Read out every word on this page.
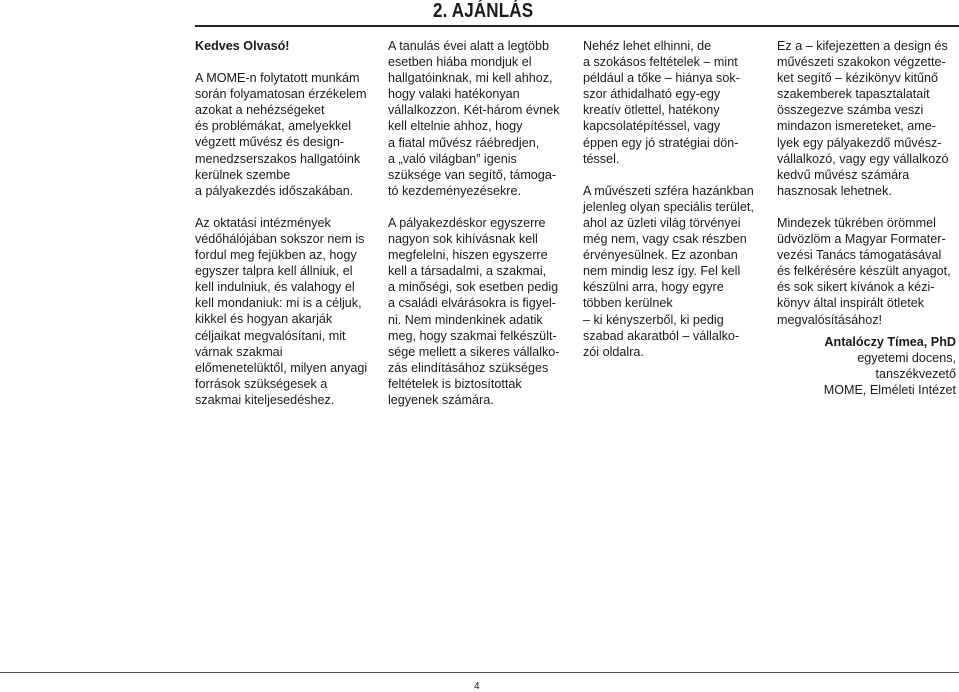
2. AJÁNLÁS

Kedves Olvasó!

A MOME-n folytatott munkám
során folyamatosan érzékelem
azokat a nehézségeket
és problémákat, amelyekkel
végzett művész és design-
menedzserszakos hallgatóink
kerülnek szembe
a pályakezdés időszakában.

Az oktatási intézmények
védőhálójában sokszor nem is
fordul meg fejükben az, hogy
egyszer talpra kell állniuk, el
kell indulniuk, és valahogy el
kell mondaniuk: mi is a céljuk,
kikkel és hogyan akarják
céljaikat megvalósítani, mit
várnak szakmai
előmenetelüktől, milyen anyagi
források szükségesek a
szakmai kiteljesedéshez.

A tanulás évei alatt a legtöbb
esetben hiába mondjuk el
hallgatóinknak, mi kell ahhoz,
hogy valaki hatékonyan
vállalkozzon. Két-három évnek
kell eltelnie ahhoz, hogy
a fiatal művész ráébredjen,
a „való világban” igenis
szüksége van segítő, támoga-
tó kezdeményezésekre.

A pályakezdéskor egyszerre
nagyon sok kihívásnak kell
megfelelni, hiszen egyszerre
kell a társadalmi, a szakmai,
a minőségi, sok esetben pedig
a családi elvárásokra is figyel-
ni. Nem mindenkinek adatik
meg, hogy szakmai felkészült-
sége mellett a sikeres vállalko-
zás elindításához szükséges
feltételek is biztosítottak
legyenek számára.

Nehéz lehet elhinni, de
a szokásos feltételek – mint
például a tőke – hiánya sok-
szor áthidalható egy-egy
kreatív ötlettel, hatékony
kapcsolatépítéssel, vagy
éppen egy jó stratégiai dön-
téssel.

A művészeti szféra hazánkban
jelenleg olyan speciális terület,
ahol az üzleti világ törvényei
még nem, vagy csak részben
érvényesülnek. Ez azonban
nem mindig lesz így. Fel kell
készülni arra, hogy egyre
többen kerülnek
– ki kényszerből, ki pedig
szabad akaratból – vállalko-
zói oldalra.

Ez a – kifejezetten a design és
művészeti szakokon végzette-
ket segítő – kézikönyv kitűnő
szakemberek tapasztalatait
összegezve számba veszi
mindazon ismereteket, ame-
lyek egy pályakezdő művész-
vállalkozó, vagy egy vállalkozó
kedvű művész számára
hasznosak lehetnek.

Mindezek tükrében örömmel
üdvözlöm a Magyar Formater-
vezési Tanács támogatásával
és felkérésére készült anyagot,
és sok sikert kívánok a kézi-
könyv által inspirált ötletek
megvalósításához!

Antalóczy Tímea, PhD
egyetemi docens,
tanszékvezető
MOME, Elméleti Intézet
4
